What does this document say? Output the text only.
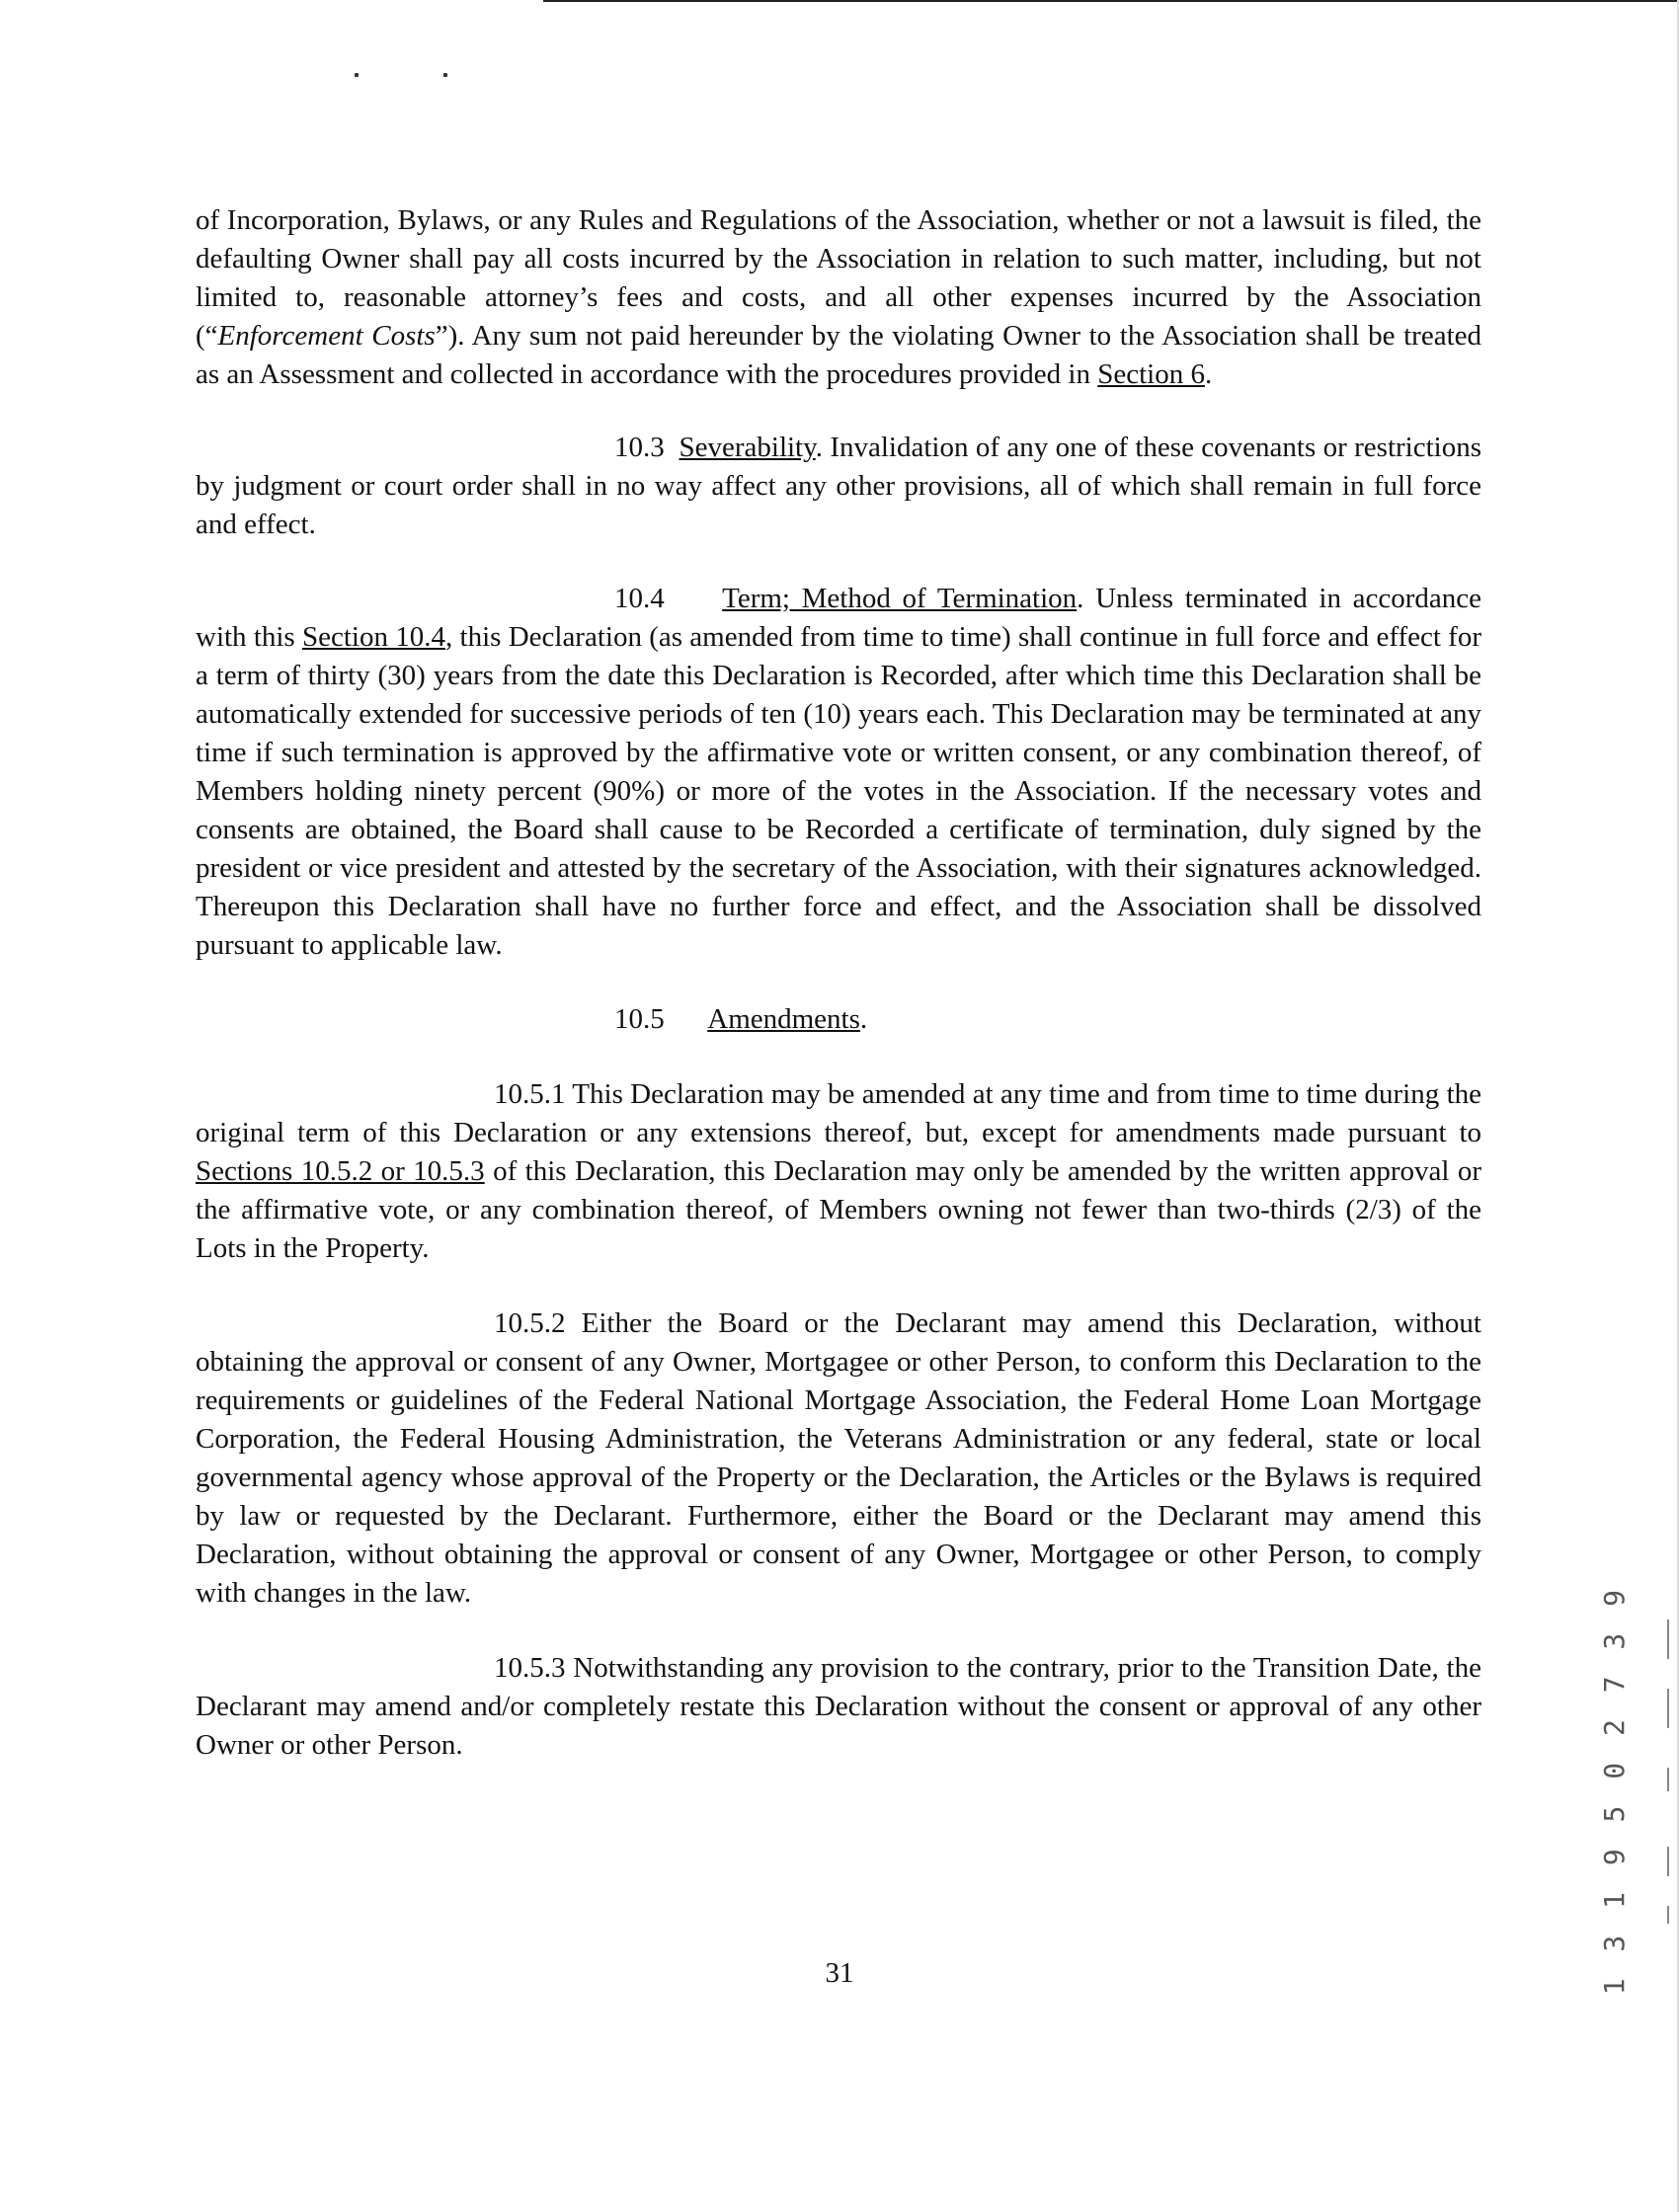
of Incorporation, Bylaws, or any Rules and Regulations of the Association, whether or not a lawsuit is filed, the defaulting Owner shall pay all costs incurred by the Association in relation to such matter, including, but not limited to, reasonable attorney’s fees and costs, and all other expenses incurred by the Association (“Enforcement Costs”). Any sum not paid hereunder by the violating Owner to the Association shall be treated as an Assessment and collected in accordance with the procedures provided in Section 6.

10.3 Severability. Invalidation of any one of these covenants or restrictions by judgment or court order shall in no way affect any other provisions, all of which shall remain in full force and effect.

10.4 Term; Method of Termination. Unless terminated in accordance with this Section 10.4, this Declaration (as amended from time to time) shall continue in full force and effect for a term of thirty (30) years from the date this Declaration is Recorded, after which time this Declaration shall be automatically extended for successive periods of ten (10) years each. This Declaration may be terminated at any time if such termination is approved by the affirmative vote or written consent, or any combination thereof, of Members holding ninety percent (90%) or more of the votes in the Association. If the necessary votes and consents are obtained, the Board shall cause to be Recorded a certificate of termination, duly signed by the president or vice president and attested by the secretary of the Association, with their signatures acknowledged. Thereupon this Declaration shall have no further force and effect, and the Association shall be dissolved pursuant to applicable law.

10.5 Amendments.

10.5.1 This Declaration may be amended at any time and from time to time during the original term of this Declaration or any extensions thereof, but, except for amendments made pursuant to Sections 10.5.2 or 10.5.3 of this Declaration, this Declaration may only be amended by the written approval or the affirmative vote, or any combination thereof, of Members owning not fewer than two-thirds (2/3) of the Lots in the Property.

10.5.2 Either the Board or the Declarant may amend this Declaration, without obtaining the approval or consent of any Owner, Mortgagee or other Person, to conform this Declaration to the requirements or guidelines of the Federal National Mortgage Association, the Federal Home Loan Mortgage Corporation, the Federal Housing Administration, the Veterans Administration or any federal, state or local governmental agency whose approval of the Property or the Declaration, the Articles or the Bylaws is required by law or requested by the Declarant. Furthermore, either the Board or the Declarant may amend this Declaration, without obtaining the approval or consent of any Owner, Mortgagee or other Person, to comply with changes in the law.

10.5.3 Notwithstanding any provision to the contrary, prior to the Transition Date, the Declarant may amend and/or completely restate this Declaration without the consent or approval of any other Owner or other Person.

31	1 3 1 9 5 0 2 7 3 9
